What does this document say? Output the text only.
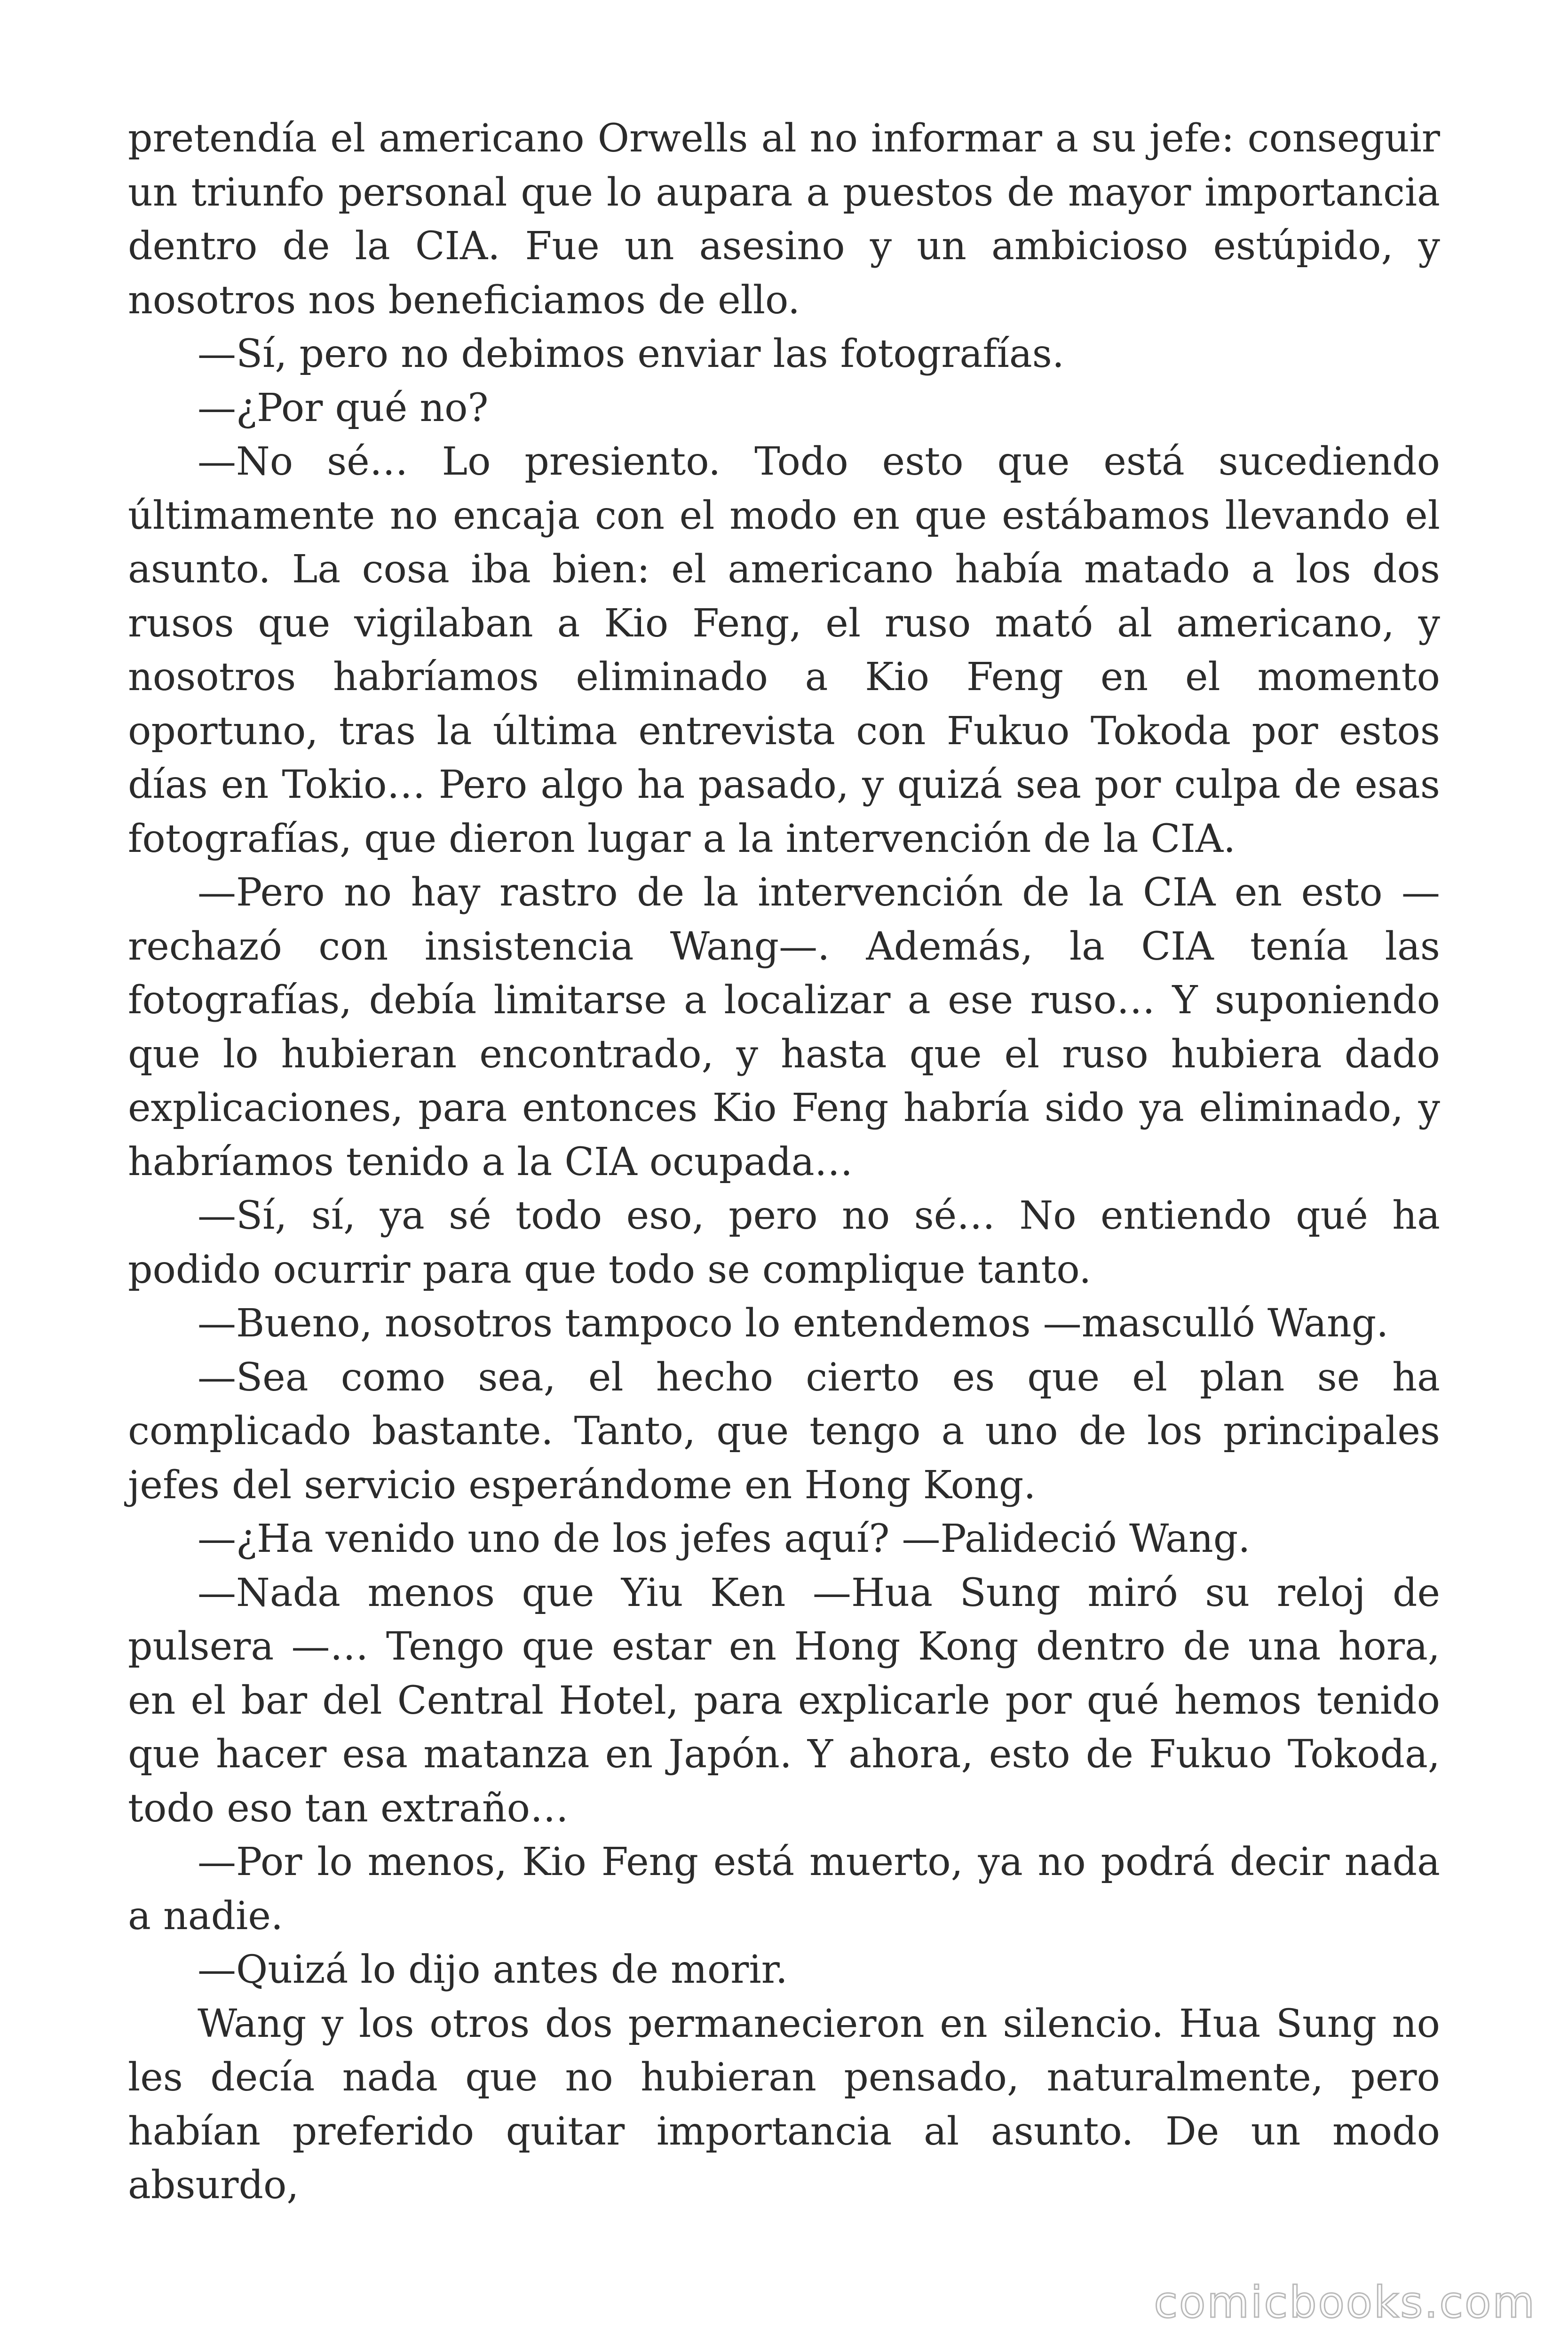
pretendía el americano Orwells al no informar a su jefe: conseguir un triunfo personal que lo aupara a puestos de mayor importancia dentro de la CIA. Fue un asesino y un ambicioso estúpido, y nosotros nos beneficiamos de ello.

—Sí, pero no debimos enviar las fotografías.

—¿Por qué no?

—No sé… Lo presiento. Todo esto que está sucediendo últimamente no encaja con el modo en que estábamos llevando el asunto. La cosa iba bien: el americano había matado a los dos rusos que vigilaban a Kio Feng, el ruso mató al americano, y nosotros habríamos eliminado a Kio Feng en el momento oportuno, tras la última entrevista con Fukuo Tokoda por estos días en Tokio… Pero algo ha pasado, y quizá sea por culpa de esas fotografías, que dieron lugar a la intervención de la CIA.

—Pero no hay rastro de la intervención de la CIA en esto —rechazó con insistencia Wang—. Además, la CIA tenía las fotografías, debía limitarse a localizar a ese ruso… Y suponiendo que lo hubieran encontrado, y hasta que el ruso hubiera dado explicaciones, para entonces Kio Feng habría sido ya eliminado, y habríamos tenido a la CIA ocupada…

—Sí, sí, ya sé todo eso, pero no sé… No entiendo qué ha podido ocurrir para que todo se complique tanto.

—Bueno, nosotros tampoco lo entendemos —masculló Wang.

—Sea como sea, el hecho cierto es que el plan se ha complicado bastante. Tanto, que tengo a uno de los principales jefes del servicio esperándome en Hong Kong.

—¿Ha venido uno de los jefes aquí? —Palideció Wang.

—Nada menos que Yiu Ken —Hua Sung miró su reloj de pulsera —… Tengo que estar en Hong Kong dentro de una hora, en el bar del Central Hotel, para explicarle por qué hemos tenido que hacer esa matanza en Japón. Y ahora, esto de Fukuo Tokoda, todo eso tan extraño…

—Por lo menos, Kio Feng está muerto, ya no podrá decir nada a nadie.

—Quizá lo dijo antes de morir.

Wang y los otros dos permanecieron en silencio. Hua Sung no les decía nada que no hubieran pensado, naturalmente, pero habían preferido quitar importancia al asunto. De un modo absurdo,

comicbooks.com
